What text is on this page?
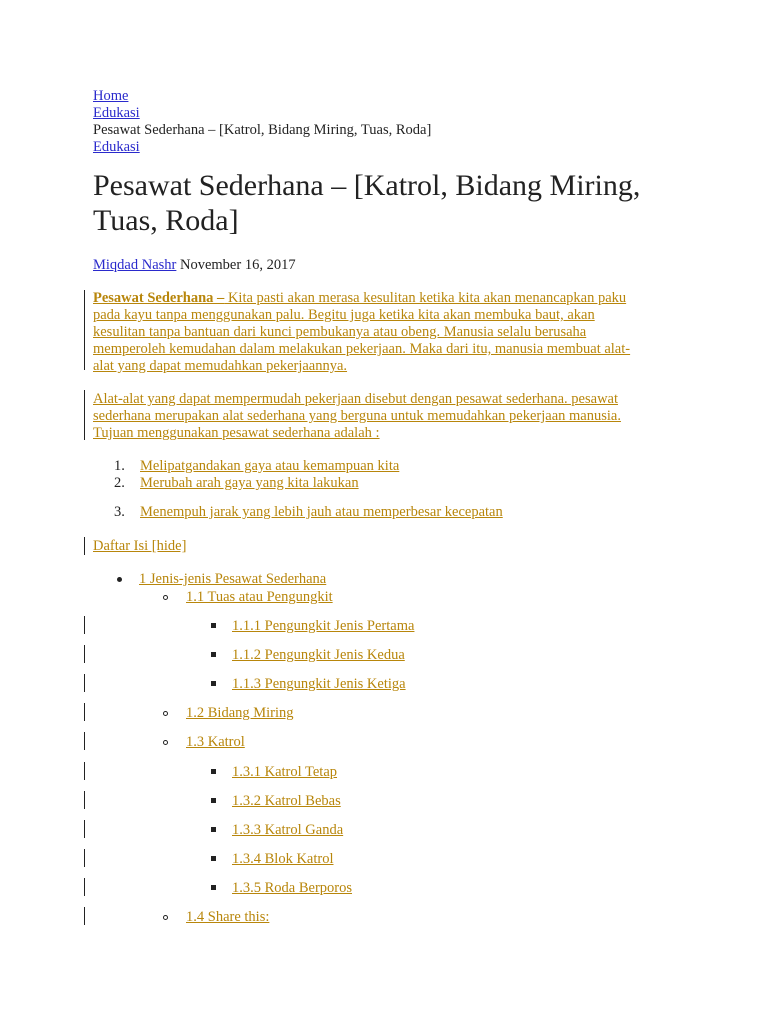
Home
Edukasi
Pesawat Sederhana – [Katrol, Bidang Miring, Tuas, Roda]
Edukasi
Pesawat Sederhana – [Katrol, Bidang Miring, Tuas, Roda]
Miqdad Nashr November 16, 2017
Pesawat Sederhana – Kita pasti akan merasa kesulitan ketika kita akan menancapkan paku
pada kayu tanpa menggunakan palu. Begitu juga ketika kita akan membuka baut, akan
kesulitan tanpa bantuan dari kunci pembukanya atau obeng. Manusia selalu berusaha
memperoleh kemudahan dalam melakukan pekerjaan. Maka dari itu, manusia membuat alat-
alat yang dapat memudahkan pekerjaannya.
Alat-alat yang dapat mempermudah pekerjaan disebut dengan pesawat sederhana. pesawat
sederhana merupakan alat sederhana yang berguna untuk memudahkan pekerjaan manusia.
Tujuan menggunakan pesawat sederhana adalah :
1. Melipatgandakan gaya atau kemampuan kita
2. Merubah arah gaya yang kita lakukan
3. Menempuh jarak yang lebih jauh atau memperbesar kecepatan
Daftar Isi [hide]
1 Jenis-jenis Pesawat Sederhana
1.1 Tuas atau Pengungkit
1.1.1 Pengungkit Jenis Pertama
1.1.2 Pengungkit Jenis Kedua
1.1.3 Pengungkit Jenis Ketiga
1.2 Bidang Miring
1.3 Katrol
1.3.1 Katrol Tetap
1.3.2 Katrol Bebas
1.3.3 Katrol Ganda
1.3.4 Blok Katrol
1.3.5 Roda Berporos
1.4 Share this:
